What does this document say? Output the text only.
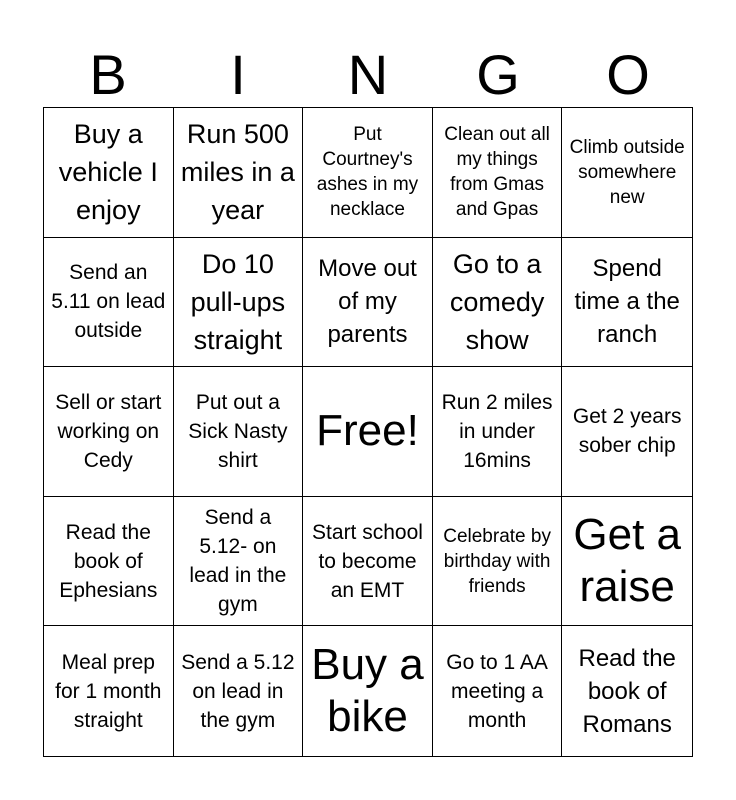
B	I	N	G	O
Buy a vehicle I enjoy
Run 500 miles in a year
Put Courtney's ashes in my necklace
Clean out all my things from Gmas and Gpas
Climb outside somewhere new
Send an 5.11 on lead outside
Do 10 pull-ups straight
Move out of my parents
Go to a comedy show
Spend time a the ranch
Sell or start working on Cedy
Put out a Sick Nasty shirt
Free!
Run 2 miles in under 16mins
Get 2 years sober chip
Read the book of Ephesians
Send a 5.12- on lead in the gym
Start school to become an EMT
Celebrate by birthday with friends
Get a raise
Meal prep for 1 month straight
Send a 5.12 on lead in the gym
Buy a bike
Go to 1 AA meeting a month
Read the book of Romans
